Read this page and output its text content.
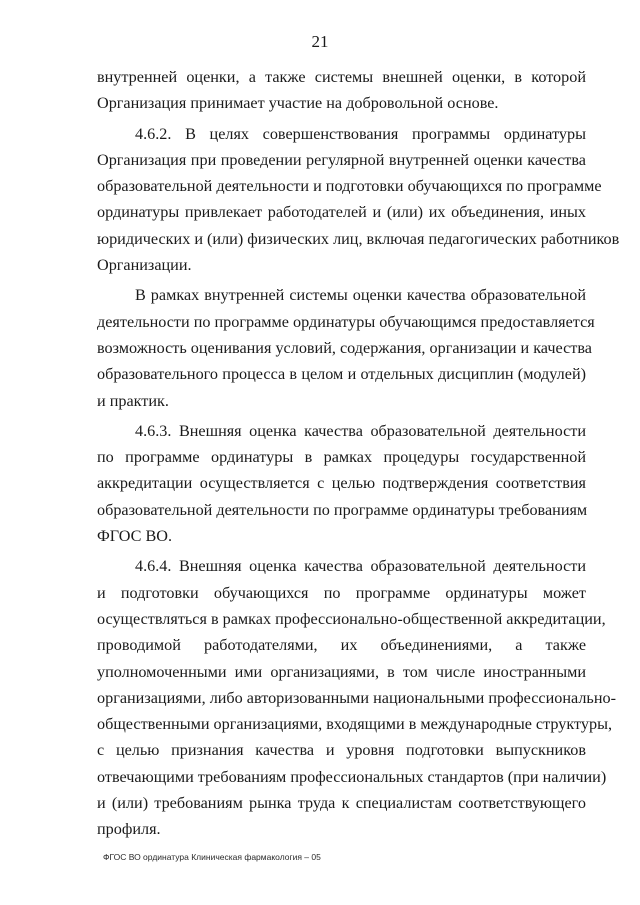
21
внутренней оценки, а также системы внешней оценки, в которой
Организация принимает участие на добровольной основе.
4.6.2. В целях совершенствования программы ординатуры
Организация при проведении регулярной внутренней оценки качества
образовательной деятельности и подготовки обучающихся по программе
ординатуры привлекает работодателей и (или) их объединения, иных
юридических и (или) физических лиц, включая педагогических работников
Организации.
В рамках внутренней системы оценки качества образовательной
деятельности по программе ординатуры обучающимся предоставляется
возможность оценивания условий, содержания, организации и качества
образовательного процесса в целом и отдельных дисциплин (модулей)
и практик.
4.6.3. Внешняя оценка качества образовательной деятельности
по программе ординатуры в рамках процедуры государственной
аккредитации осуществляется с целью подтверждения соответствия
образовательной деятельности по программе ординатуры требованиям
ФГОС ВО.
4.6.4. Внешняя оценка качества образовательной деятельности
и подготовки обучающихся по программе ординатуры может
осуществляться в рамках профессионально-общественной аккредитации,
проводимой работодателями, их объединениями, а также
уполномоченными ими организациями, в том числе иностранными
организациями, либо авторизованными национальными профессионально-
общественными организациями, входящими в международные структуры,
с целью признания качества и уровня подготовки выпускников
отвечающими требованиям профессиональных стандартов (при наличии)
и (или) требованиям рынка труда к специалистам соответствующего
профиля.
ФГОС ВО ординатура Клиническая фармакология – 05
